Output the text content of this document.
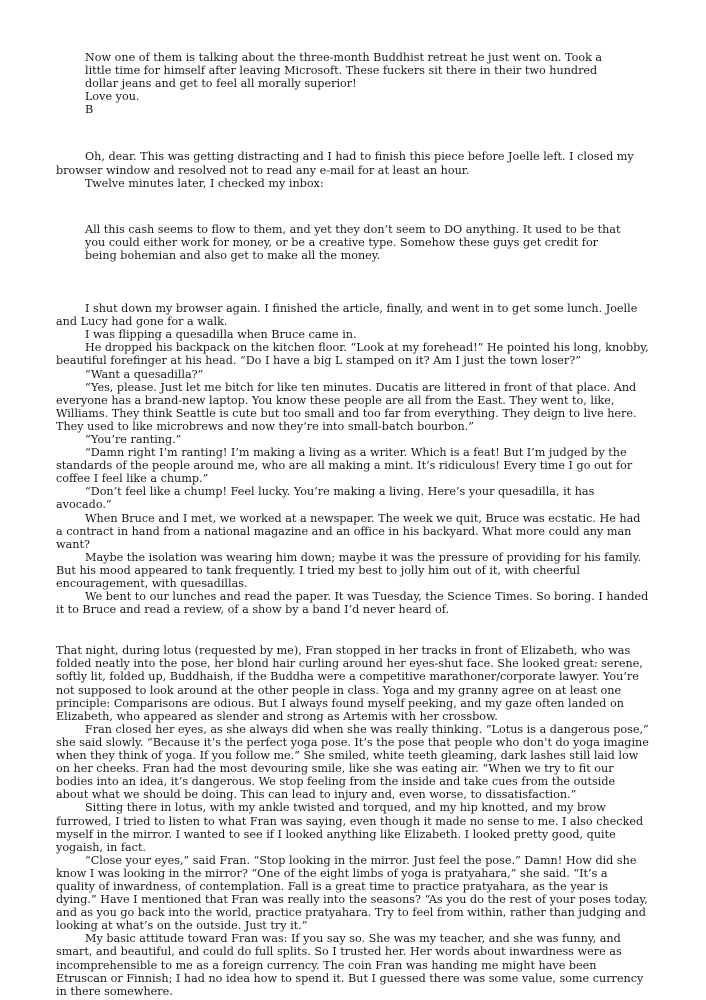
Now one of them is talking about the three-month Buddhist retreat he just went on. Took a little time for himself after leaving Microsoft. These fuckers sit there in their two hundred dollar jeans and get to feel all morally superior!

Love you.

B

Oh, dear. This was getting distracting and I had to finish this piece before Joelle left. I closed my browser window and resolved not to read any e-mail for at least an hour.

Twelve minutes later, I checked my inbox:

All this cash seems to flow to them, and yet they don’t seem to DO anything. It used to be that you could either work for money, or be a creative type. Somehow these guys get credit for being bohemian and also get to make all the money.

I shut down my browser again. I finished the article, finally, and went in to get some lunch. Joelle and Lucy had gone for a walk.

I was flipping a quesadilla when Bruce came in.

He dropped his backpack on the kitchen floor. “Look at my forehead!” He pointed his long, knobby, beautiful forefinger at his head. “Do I have a big L stamped on it? Am I just the town loser?”

“Want a quesadilla?”

“Yes, please. Just let me bitch for like ten minutes. Ducatis are littered in front of that place. And everyone has a brand-new laptop. You know these people are all from the East. They went to, like, Williams. They think Seattle is cute but too small and too far from everything. They deign to live here. They used to like microbrews and now they’re into small-batch bourbon.”

“You’re ranting.”

“Damn right I’m ranting! I’m making a living as a writer. Which is a feat! But I’m judged by the standards of the people around me, who are all making a mint. It’s ridiculous! Every time I go out for coffee I feel like a chump.”

“Don’t feel like a chump! Feel lucky. You’re making a living. Here’s your quesadilla, it has avocado.”

When Bruce and I met, we worked at a newspaper. The week we quit, Bruce was ecstatic. He had a contract in hand from a national magazine and an office in his backyard. What more could any man want?

Maybe the isolation was wearing him down; maybe it was the pressure of providing for his family. But his mood appeared to tank frequently. I tried my best to jolly him out of it, with cheerful encouragement, with quesadillas.

We bent to our lunches and read the paper. It was Tuesday, the Science Times. So boring. I handed it to Bruce and read a review, of a show by a band I’d never heard of.

That night, during lotus (requested by me), Fran stopped in her tracks in front of Elizabeth, who was folded neatly into the pose, her blond hair curling around her eyes-shut face. She looked great: serene, softly lit, folded up, Buddhaish, if the Buddha were a competitive marathoner/corporate lawyer. You’re not supposed to look around at the other people in class. Yoga and my granny agree on at least one principle: Comparisons are odious. But I always found myself peeking, and my gaze often landed on Elizabeth, who appeared as slender and strong as Artemis with her crossbow.

Fran closed her eyes, as she always did when she was really thinking. “Lotus is a dangerous pose,” she said slowly. “Because it’s the perfect yoga pose. It’s the pose that people who don’t do yoga imagine when they think of yoga. If you follow me.” She smiled, white teeth gleaming, dark lashes still laid low on her cheeks. Fran had the most devouring smile, like she was eating air. “When we try to fit our bodies into an idea, it’s dangerous. We stop feeling from the inside and take cues from the outside about what we should be doing. This can lead to injury and, even worse, to dissatisfaction.”

Sitting there in lotus, with my ankle twisted and torqued, and my hip knotted, and my brow furrowed, I tried to listen to what Fran was saying, even though it made no sense to me. I also checked myself in the mirror. I wanted to see if I looked anything like Elizabeth. I looked pretty good, quite yogaish, in fact.

“Close your eyes,” said Fran. “Stop looking in the mirror. Just feel the pose.” Damn! How did she know I was looking in the mirror? “One of the eight limbs of yoga is pratyahara,” she said. “It’s a quality of inwardness, of contemplation. Fall is a great time to practice pratyahara, as the year is dying.” Have I mentioned that Fran was really into the seasons? “As you do the rest of your poses today, and as you go back into the world, practice pratyahara. Try to feel from within, rather than judging and looking at what’s on the outside. Just try it.”

My basic attitude toward Fran was: If you say so. She was my teacher, and she was funny, and smart, and beautiful, and could do full splits. So I trusted her. Her words about inwardness were as incomprehensible to me as a foreign currency. The coin Fran was handing me might have been Etruscan or Finnish; I had no idea how to spend it. But I guessed there was some value, some currency in there somewhere.
